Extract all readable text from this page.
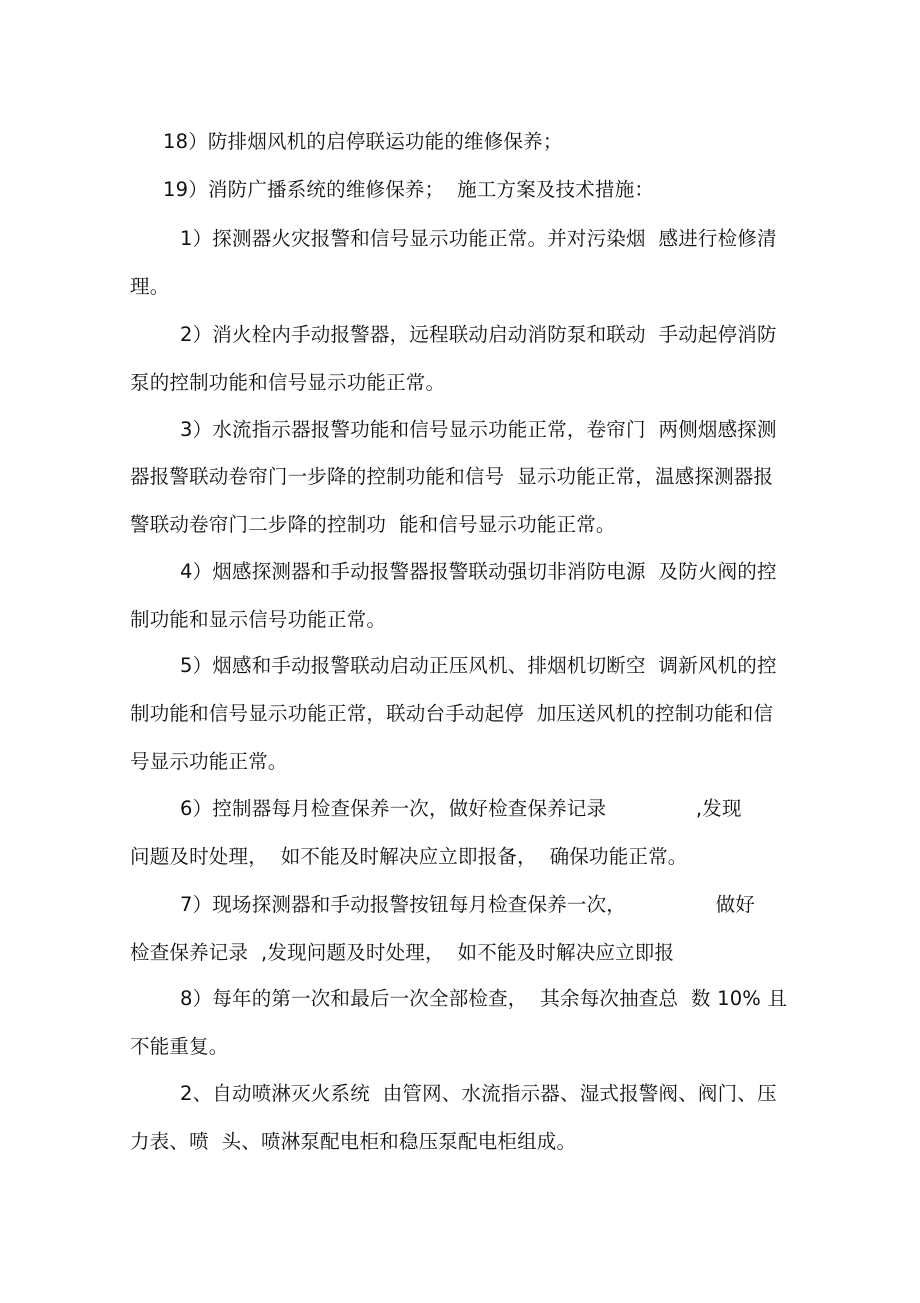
18）防排烟风机的启停联运功能的维修保养；
19）消防广播系统的维修保养；  施工方案及技术措施：
1）探测器火灾报警和信号显示功能正常。并对污染烟  感进行检修清
理。
2）消火栓内手动报警器，远程联动启动消防泵和联动  手动起停消防
泵的控制功能和信号显示功能正常。
3）水流指示器报警功能和信号显示功能正常，卷帘门  两侧烟感探测
器报警联动卷帘门一步降的控制功能和信号  显示功能正常，温感探测器报
警联动卷帘门二步降的控制功  能和信号显示功能正常。
4）烟感探测器和手动报警器报警联动强切非消防电源  及防火阀的控
制功能和显示信号功能正常。
5）烟感和手动报警联动启动正压风机、排烟机切断空  调新风机的控
制功能和信号显示功能正常，联动台手动起停  加压送风机的控制功能和信
号显示功能正常。
6）控制器每月检查保养一次，做好检查保养记录              ,发现
问题及时处理，  如不能及时解决应立即报备，  确保功能正常。
7）现场探测器和手动报警按钮每月检查保养一次，              做好
检查保养记录  ,发现问题及时处理，  如不能及时解决应立即报
8）每年的第一次和最后一次全部检查，  其余每次抽查总  数 10% 且
不能重复。
2、自动喷淋灭火系统  由管网、水流指示器、湿式报警阀、阀门、压
力表、喷  头、喷淋泵配电柜和稳压泵配电柜组成。
